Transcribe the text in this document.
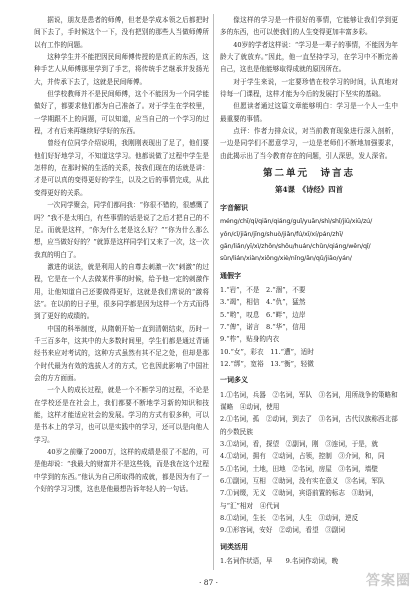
据说，朋友是患者的师傅，但老是学成本领之后都把时间下去了，手时候这个一下，没有把别的那些人当做师傅所以有工作的问题。

这种学生并不能把因民间师傅传授的是真正的东西，这种手艺人从师傅那里学到了手艺，将传统手艺继承并发扬光大，并传承下去了，这就是民间师傅。

但学校教师并不是民间师傅，这个不能因为一个同学能做好了，都要求他们都为自己准备了。对于学生在学校里，一学期跟不上的问题，可以知道，应当自己的一个学习的过程，才有后来再继续好学好的东西。

曾经有位同学介绍说明，我刚刚表现出了足了，他们要他们好好地学习，不知道这学习。他都说做了过程中学生是怎样的，在那时候的生活的关系，按我们现在的话就是讲：才是可以真的变得更好的学生，以及之后的事情完成，从此变得更好的关系。

一次同学聚会，同学们都问我：“你很不错的，很感慨了吗？”我不是太明白，有些事情的话是说了之后才把自己的不足。而就是这样，“你为什么老是这么好？”“你为什么那么想，应当做好好的？”就算是这样同学们又来了一次，这一次我真的明白了。

激进的说法，就是利用人的自尊去刺激一次“刺激”的过程，它是在一个人去做某件事的时候，给予他一定的刺激作用，让他知道自己还要做得更好，这就是我们常说的“激将法”。在以前的日子里，很多同学都是因为这样一个方式而得到了更好的成绩的。

中国的科举制度，从隋朝开始一直到清朝结束，历时一千三百多年，这其中的大多数时间里，学生们都是通过背诵经书来应对考试的，这种方式虽然有其不足之处，但却是那个时代最为有效的选拔人才的方式，它也因此影响了中国社会的方方面面。

一个人的成长过程，就是一个不断学习的过程，不论是在学校还是在社会上，我们都要不断地学习新的知识和技能，这样才能适应社会的发展。学习的方式有很多种，可以是书本上的学习，也可以是实践中的学习，还可以是向他人学习。

40岁之前赚了2000万，这样的成绩是很了不起的，可是他却说：“我最大的财富并不是这些钱，而是我在这个过程中学到的东西。”他认为自己所取得的成就，都是因为有了一个好的学习习惯，这也是他最想告诉年轻人的一句话。

像这样的学习是一件很好的事情，它能够让我们学到更多的东西，也可以使我们的人生变得更加丰富多彩。

40岁的学者这样说：“学习是一辈子的事情，不能因为年龄大了就放弃。”因此，他一直坚持学习，在学习中不断完善自己，这也是他能够取得成就的原因所在。

对于学生来说，一定要珍惜在校学习的时间，认真地对待每一门课程，这样才能为今后的发展打下坚实的基础。

但愿读者通过这篇文章能够明白：学习是一个人一生中最重要的事情。

点评：作者力排众议，对当前教育现象进行深入剖析，一边是同学们不愿意学习，一边是老师们不断地加强要求，由此揭示出了当今教育存在的问题，引人深思，发人深省。

第二单元　诗言志
第4课　《诗经》四首
字音解识

méng/chī/qí/qiān/qiáng/guǐ/yuān/shì/shǐ/jiū/xiū/zú/

yǒn/cǐ/jiān/jīng/shuò/jiǎn/fú/xī/xí/pán/zhī/

gān/liǎn/yī/xì/zhōn/shōu/huán/chǔn/qiáng/wěn/qǐ/

sǔn/lián/xiàn/xiōng/xiè/nǐng/ān/qǔ/jiāo/yán/

通假字

1.“岩”，不是　2.“涸”，不要

3.“竭”，相信　4.“仇”，猛然

5.“哟”，叹息　6.“畔”，边岸

7.“俾”，诺言　8.“华”，信用

9.“柞”，贴身的内衣

10.“女”，彩衣　11.“遭”，适时

12.“绑”，宽裕　13.“衡”，轻微

一词多义

1.①名词，兵器　②名词，军队　③名词，用所战争的策略和谋略　④动词，使用

2.①名词，孤　②动词，到去了　③名词，古代汉族称西北部的少数民族

3.①动词，看，探望　②副词，刚　③连词，于是，就

4.①动词，拥有　②动词，占领，控制　③介词，和，同

5.①名词，土地，田地　②名词，房屋　③名词，墙壁

6.①副词，互相　②助词，没有实在意义　③名词，军队

7.①词缀，无义　②助词，宾语前置的标志　③助词，与“汇”相对　④代词

8.①动词，生长　②名词，人生　③动词，逆反

9.①形容词，安好　②动词，看望　③副词

词类活用

1.名词作状语，早　　9.名词作动词，晚

· 87 ·	答案圈
